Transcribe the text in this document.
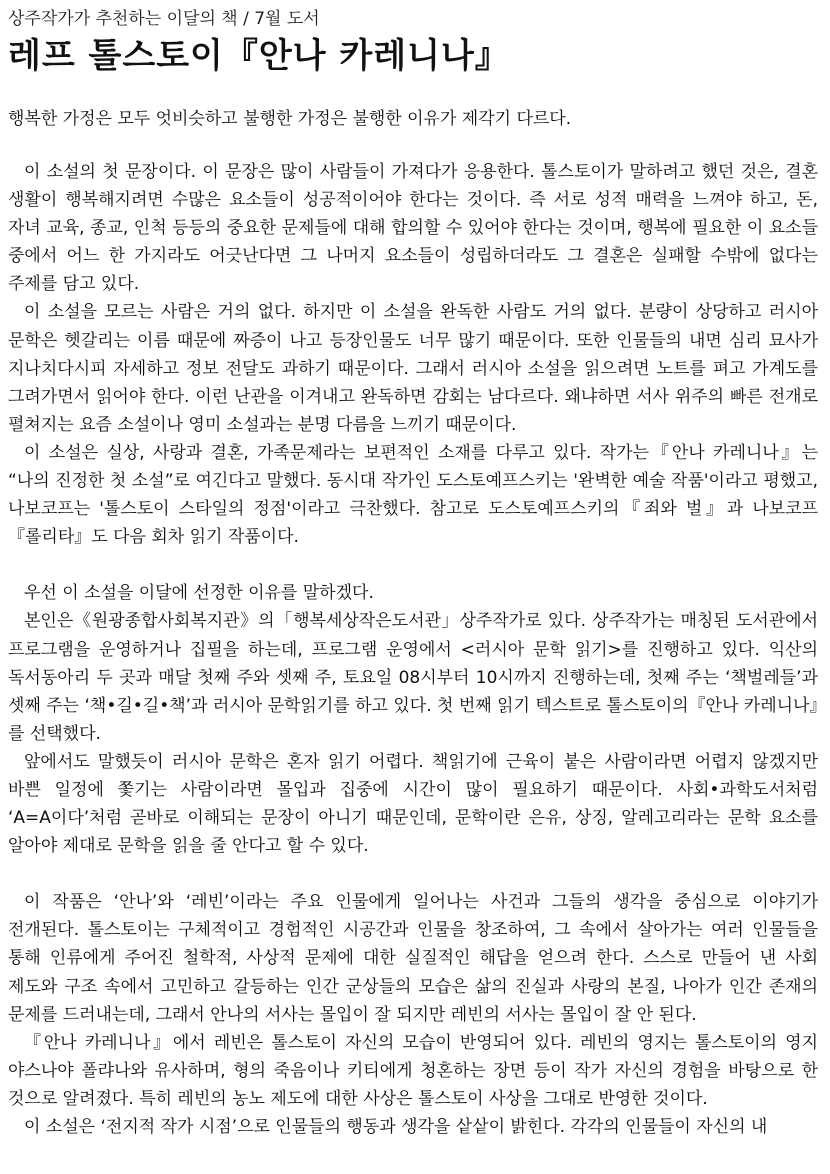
상주작가가 추천하는 이달의 책 / 7월 도서
레프 톨스토이『안나 카레니나』
행복한 가정은 모두 엇비슷하고 불행한 가정은 불행한 이유가 제각기 다르다.

이 소설의 첫 문장이다. 이 문장은 많이 사람들이 가져다가 응용한다. 톨스토이가 말하려고 했던 것은, 결혼 생활이 행복해지려면 수많은 요소들이 성공적이어야 한다는 것이다. 즉 서로 성적 매력을 느껴야 하고, 돈, 자녀 교육, 종교, 인척 등등의 중요한 문제들에 대해 합의할 수 있어야 한다는 것이며, 행복에 필요한 이 요소들 중에서 어느 한 가지라도 어긋난다면 그 나머지 요소들이 성립하더라도 그 결혼은 실패할 수밖에 없다는 주제를 담고 있다.

이 소설을 모르는 사람은 거의 없다. 하지만 이 소설을 완독한 사람도 거의 없다. 분량이 상당하고 러시아 문학은 헷갈리는 이름 때문에 짜증이 나고 등장인물도 너무 많기 때문이다. 또한 인물들의 내면 심리 묘사가 지나치다시피 자세하고 정보 전달도 과하기 때문이다. 그래서 러시아 소설을 읽으려면 노트를 펴고 가계도를 그려가면서 읽어야 한다. 이런 난관을 이겨내고 완독하면 감회는 남다르다. 왜냐하면 서사 위주의 빠른 전개로 펼쳐지는 요즘 소설이나 영미 소설과는 분명 다름을 느끼기 때문이다.

이 소설은 실상, 사랑과 결혼, 가족문제라는 보편적인 소재를 다루고 있다. 작가는『안나 카레니나』는 “나의 진정한 첫 소설”로 여긴다고 말했다. 동시대 작가인 도스토예프스키는 '완벽한 예술 작품'이라고 평했고, 나보코프는 '톨스토이 스타일의 정점'이라고 극찬했다. 참고로 도스토예프스키의『죄와 벌』과 나보코프『롤리타』도 다음 회차 읽기 작품이다.

우선 이 소설을 이달에 선정한 이유를 말하겠다.

본인은《원광종합사회복지관》의「행복세상작은도서관」상주작가로 있다. 상주작가는 매칭된 도서관에서 프로그램을 운영하거나 집필을 하는데, 프로그램 운영에서 <러시아 문학 읽기>를 진행하고 있다. 익산의 독서동아리 두 곳과 매달 첫째 주와 셋째 주, 토요일 08시부터 10시까지 진행하는데, 첫째 주는 ‘책벌레들’과 셋째 주는 ‘책•길•길•책’과 러시아 문학읽기를 하고 있다. 첫 번째 읽기 텍스트로 톨스토이의『안나 카레니나』를 선택했다.

앞에서도 말했듯이 러시아 문학은 혼자 읽기 어렵다. 책읽기에 근육이 붙은 사람이라면 어렵지 않겠지만 바쁜 일정에 쫓기는 사람이라면 몰입과 집중에 시간이 많이 필요하기 때문이다. 사회•과학도서처럼 ‘A=A이다’처럼 곧바로 이해되는 문장이 아니기 때문인데, 문학이란 은유, 상징, 알레고리라는 문학 요소를 알아야 제대로 문학을 읽을 줄 안다고 할 수 있다.

이 작품은 ‘안나’와 ‘레빈’이라는 주요 인물에게 일어나는 사건과 그들의 생각을 중심으로 이야기가 전개된다. 톨스토이는 구체적이고 경험적인 시공간과 인물을 창조하여, 그 속에서 살아가는 여러 인물들을 통해 인류에게 주어진 철학적, 사상적 문제에 대한 실질적인 해답을 얻으려 한다. 스스로 만들어 낸 사회 제도와 구조 속에서 고민하고 갈등하는 인간 군상들의 모습은 삶의 진실과 사랑의 본질, 나아가 인간 존재의 문제를 드러내는데, 그래서 안나의 서사는 몰입이 잘 되지만 레빈의 서사는 몰입이 잘 안 된다.

『안나 카레니나』에서 레빈은 톨스토이 자신의 모습이 반영되어 있다. 레빈의 영지는 톨스토이의 영지 야스나야 폴랴나와 유사하며, 형의 죽음이나 키티에게 청혼하는 장면 등이 작가 자신의 경험을 바탕으로 한 것으로 알려졌다. 특히 레빈의 농노 제도에 대한 사상은 톨스토이 사상을 그대로 반영한 것이다.

이 소설은 ‘전지적 작가 시점’으로 인물들의 행동과 생각을 샅샅이 밝힌다. 각각의 인물들이 자신의 내
